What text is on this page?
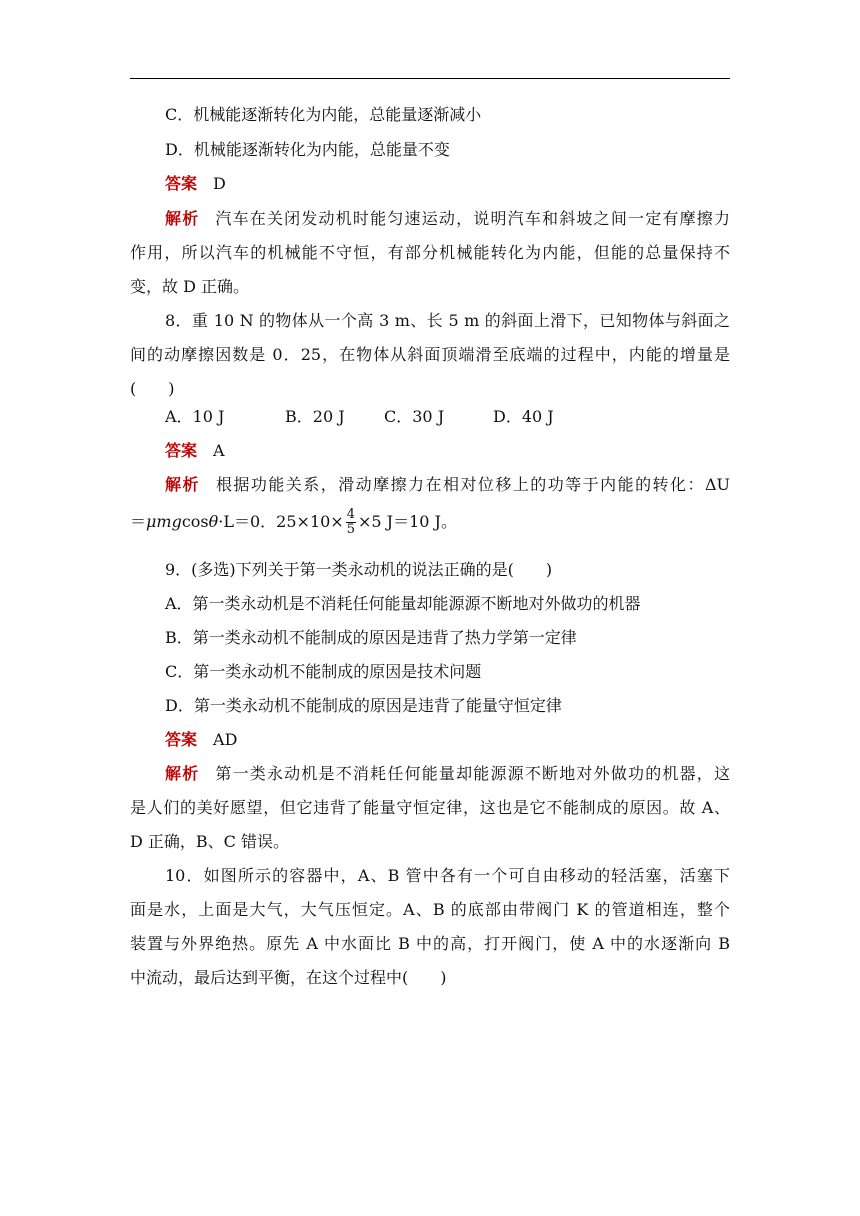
C．机械能逐渐转化为内能，总能量逐渐减小
D．机械能逐渐转化为内能，总能量不变
答案 D
解析 汽车在关闭发动机时能匀速运动，说明汽车和斜坡之间一定有摩擦力
作用，所以汽车的机械能不守恒，有部分机械能转化为内能，但能的总量保持不
变，故 D 正确。
8．重 10 N 的物体从一个高 3 m、长 5 m 的斜面上滑下，已知物体与斜面之
间的动摩擦因数是 0．25，在物体从斜面顶端滑至底端的过程中，内能的增量是
(　　)
A．10 J	B．20 J C．30 J	D．40 J
答案 A
解析 根据功能关系，滑动摩擦力在相对位移上的功等于内能的转化：ΔU
＝μmgcosθ·L＝0．$25\times 10\times \frac{4}{5} \times 5$ J＝10 J。
9．(多选)下列关于第一类永动机的说法正确的是(　　)
A．第一类永动机是不消耗任何能量却能源源不断地对外做功的机器
B．第一类永动机不能制成的原因是违背了热力学第一定律
C．第一类永动机不能制成的原因是技术问题
D．第一类永动机不能制成的原因是违背了能量守恒定律
答案 AD
解析 第一类永动机是不消耗任何能量却能源源不断地对外做功的机器，这
是人们的美好愿望，但它违背了能量守恒定律，这也是它不能制成的原因。故 A、
D 正确，B、C 错误。
10．如图所示的容器中，A、B 管中各有一个可自由移动的轻活塞，活塞下
面是水，上面是大气，大气压恒定。A、B 的底部由带阀门 K 的管道相连，整个
装置与外界绝热。原先 A 中水面比 B 中的高，打开阀门，使 A 中的水逐渐向 B
中流动，最后达到平衡，在这个过程中(　　)
